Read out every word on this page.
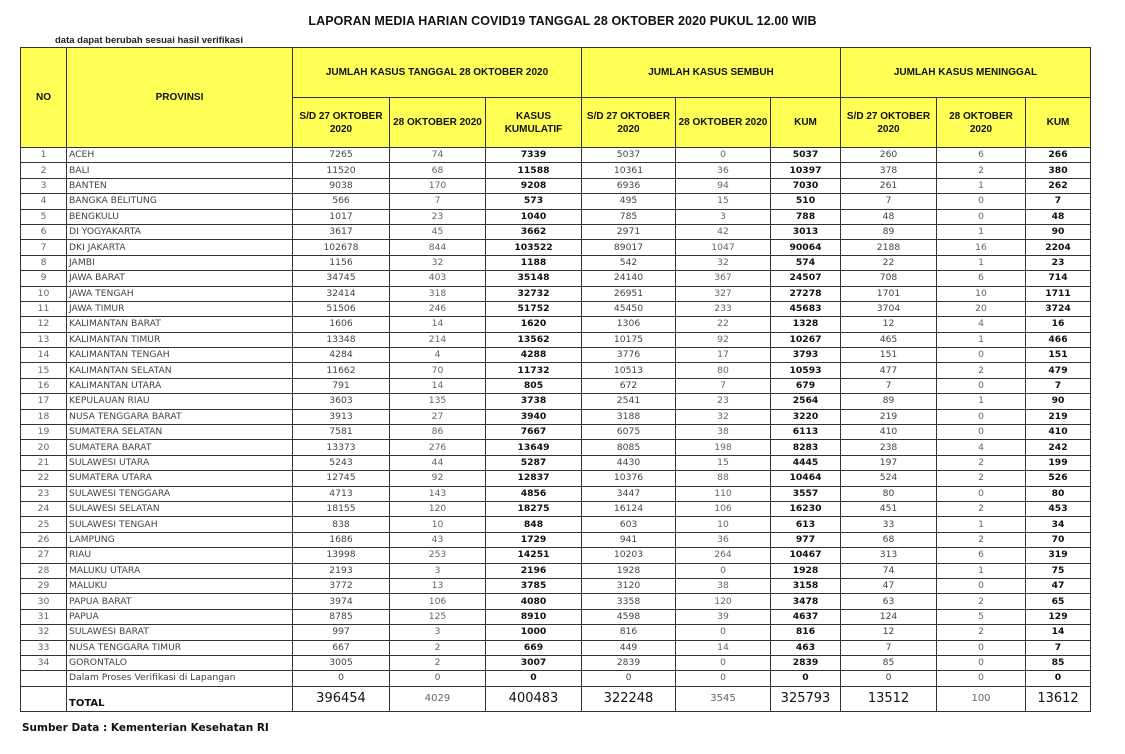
LAPORAN MEDIA HARIAN COVID19 TANGGAL 28 OKTOBER 2020 PUKUL 12.00 WIB
data dapat berubah sesuai hasil verifikasi
NO	PROVINSI	JUMLAH KASUS TANGGAL 28 OKTOBER 2020			JUMLAH KASUS SEMBUH			JUMLAH KASUS MENINGGAL		
		S/D 27 OKTOBER 2020	28 OKTOBER 2020	KASUS KUMULATIF	S/D 27 OKTOBER 2020	28 OKTOBER 2020	KUM	S/D 27 OKTOBER 2020	28 OKTOBER 2020	KUM
1	ACEH	7265	74	7339	5037	0	5037	260	6	266
2	BALI	11520	68	11588	10361	36	10397	378	2	380
3	BANTEN	9038	170	9208	6936	94	7030	261	1	262
4	BANGKA BELITUNG	566	7	573	495	15	510	7	0	7
5	BENGKULU	1017	23	1040	785	3	788	48	0	48
6	DI YOGYAKARTA	3617	45	3662	2971	42	3013	89	1	90
7	DKI JAKARTA	102678	844	103522	89017	1047	90064	2188	16	2204
8	JAMBI	1156	32	1188	542	32	574	22	1	23
9	JAWA BARAT	34745	403	35148	24140	367	24507	708	6	714
10	JAWA TENGAH	32414	318	32732	26951	327	27278	1701	10	1711
11	JAWA TIMUR	51506	246	51752	45450	233	45683	3704	20	3724
12	KALIMANTAN BARAT	1606	14	1620	1306	22	1328	12	4	16
13	KALIMANTAN TIMUR	13348	214	13562	10175	92	10267	465	1	466
14	KALIMANTAN TENGAH	4284	4	4288	3776	17	3793	151	0	151
15	KALIMANTAN SELATAN	11662	70	11732	10513	80	10593	477	2	479
16	KALIMANTAN UTARA	791	14	805	672	7	679	7	0	7
17	KEPULAUAN RIAU	3603	135	3738	2541	23	2564	89	1	90
18	NUSA TENGGARA BARAT	3913	27	3940	3188	32	3220	219	0	219
19	SUMATERA SELATAN	7581	86	7667	6075	38	6113	410	0	410
20	SUMATERA BARAT	13373	276	13649	8085	198	8283	238	4	242
21	SULAWESI UTARA	5243	44	5287	4430	15	4445	197	2	199
22	SUMATERA UTARA	12745	92	12837	10376	88	10464	524	2	526
23	SULAWESI TENGGARA	4713	143	4856	3447	110	3557	80	0	80
24	SULAWESI SELATAN	18155	120	18275	16124	106	16230	451	2	453
25	SULAWESI TENGAH	838	10	848	603	10	613	33	1	34
26	LAMPUNG	1686	43	1729	941	36	977	68	2	70
27	RIAU	13998	253	14251	10203	264	10467	313	6	319
28	MALUKU UTARA	2193	3	2196	1928	0	1928	74	1	75
29	MALUKU	3772	13	3785	3120	38	3158	47	0	47
30	PAPUA BARAT	3974	106	4080	3358	120	3478	63	2	65
31	PAPUA	8785	125	8910	4598	39	4637	124	5	129
32	SULAWESI BARAT	997	3	1000	816	0	816	12	2	14
33	NUSA TENGGARA TIMUR	667	2	669	449	14	463	7	0	7
34	GORONTALO	3005	2	3007	2839	0	2839	85	0	85
	Dalam Proses Verifikasi di Lapangan	0	0	0	0	0	0	0	0	0
	TOTAL	396454	4029	400483	322248	3545	325793	13512	100	13612
Sumber Data : Kementerian Kesehatan RI
